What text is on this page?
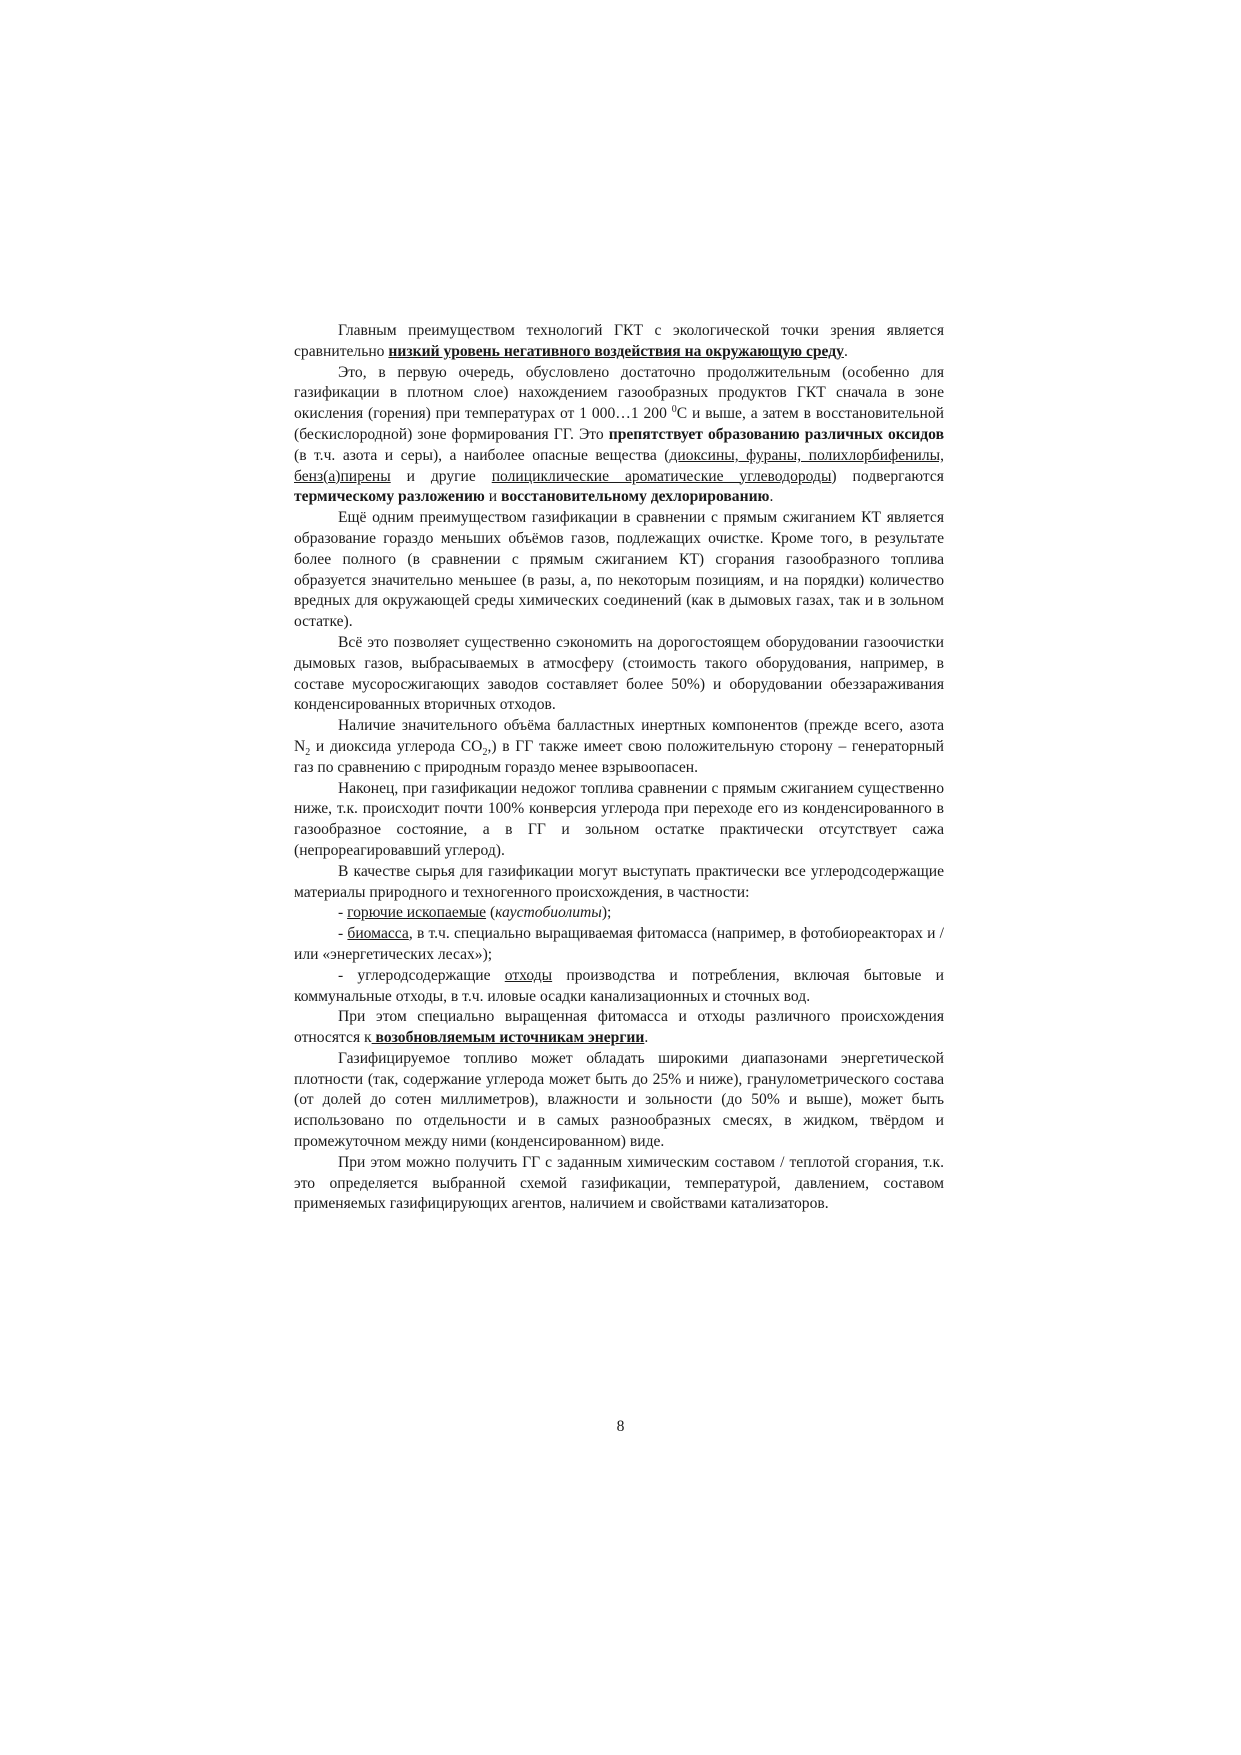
Главным преимуществом технологий ГКТ с экологической точки зрения является сравнительно низкий уровень негативного воздействия на окружающую среду.

Это, в первую очередь, обусловлено достаточно продолжительным (особенно для газификации в плотном слое) нахождением газообразных продуктов ГКТ сначала в зоне окисления (горения) при температурах от 1 000…1 200 $^0$С и выше, а затем в восстановительной (бескислородной) зоне формирования ГГ. Это препятствует образованию различных оксидов (в т.ч. азота и серы), а наиболее опасные вещества (диоксины, фураны, полихлорбифенилы, бенз(а)пирены и другие полициклические ароматические углеводороды) подвергаются термическому разложению и восстановительному дехлорированию.

Ещё одним преимуществом газификации в сравнении с прямым сжиганием КТ является образование гораздо меньших объёмов газов, подлежащих очистке. Кроме того, в результате более полного (в сравнении с прямым сжиганием КТ) сгорания газообразного топлива образуется значительно меньшее (в разы, а, по некоторым позициям, и на порядки) количество вредных для окружающей среды химических соединений (как в дымовых газах, так и в зольном остатке).

Всё это позволяет существенно сэкономить на дорогостоящем оборудовании газоочистки дымовых газов, выбрасываемых в атмосферу (стоимость такого оборудования, например, в составе мусоросжигающих заводов составляет более 50%) и оборудовании обеззараживания конденсированных вторичных отходов.

Наличие значительного объёма балластных инертных компонентов (прежде всего, азота $N_2$ и диоксида углерода $СО_2$,) в ГГ также имеет свою положительную сторону – генераторный газ по сравнению с природным гораздо менее взрывоопасен.

Наконец, при газификации недожог топлива сравнении с прямым сжиганием существенно ниже, т.к. происходит почти 100% конверсия углерода при переходе его из конденсированного в газообразное состояние, а в ГГ и зольном остатке практически отсутствует сажа (непрореагировавший углерод).

В качестве сырья для газификации могут выступать практически все углеродсодержащие материалы природного и техногенного происхождения, в частности:

- горючие ископаемые (каустобиолиты);

- биомасса, в т.ч. специально выращиваемая фитомасса (например, в фотобиореакторах и / или «энергетических лесах»);

- углеродсодержащие отходы производства и потребления, включая бытовые и коммунальные отходы, в т.ч. иловые осадки канализационных и сточных вод.

При этом специально выращенная фитомасса и отходы различного происхождения относятся к возобновляемым источникам энергии.

Газифицируемое топливо может обладать широкими диапазонами энергетической плотности (так, содержание углерода может быть до 25% и ниже), гранулометрического состава (от долей до сотен миллиметров), влажности и зольности (до 50% и выше), может быть использовано по отдельности и в самых разнообразных смесях, в жидком, твёрдом и промежуточном между ними (конденсированном) виде.

При этом можно получить ГГ с заданным химическим составом / теплотой сгорания, т.к. это определяется выбранной схемой газификации, температурой, давлением, составом применяемых газифицирующих агентов, наличием и свойствами катализаторов.

8
